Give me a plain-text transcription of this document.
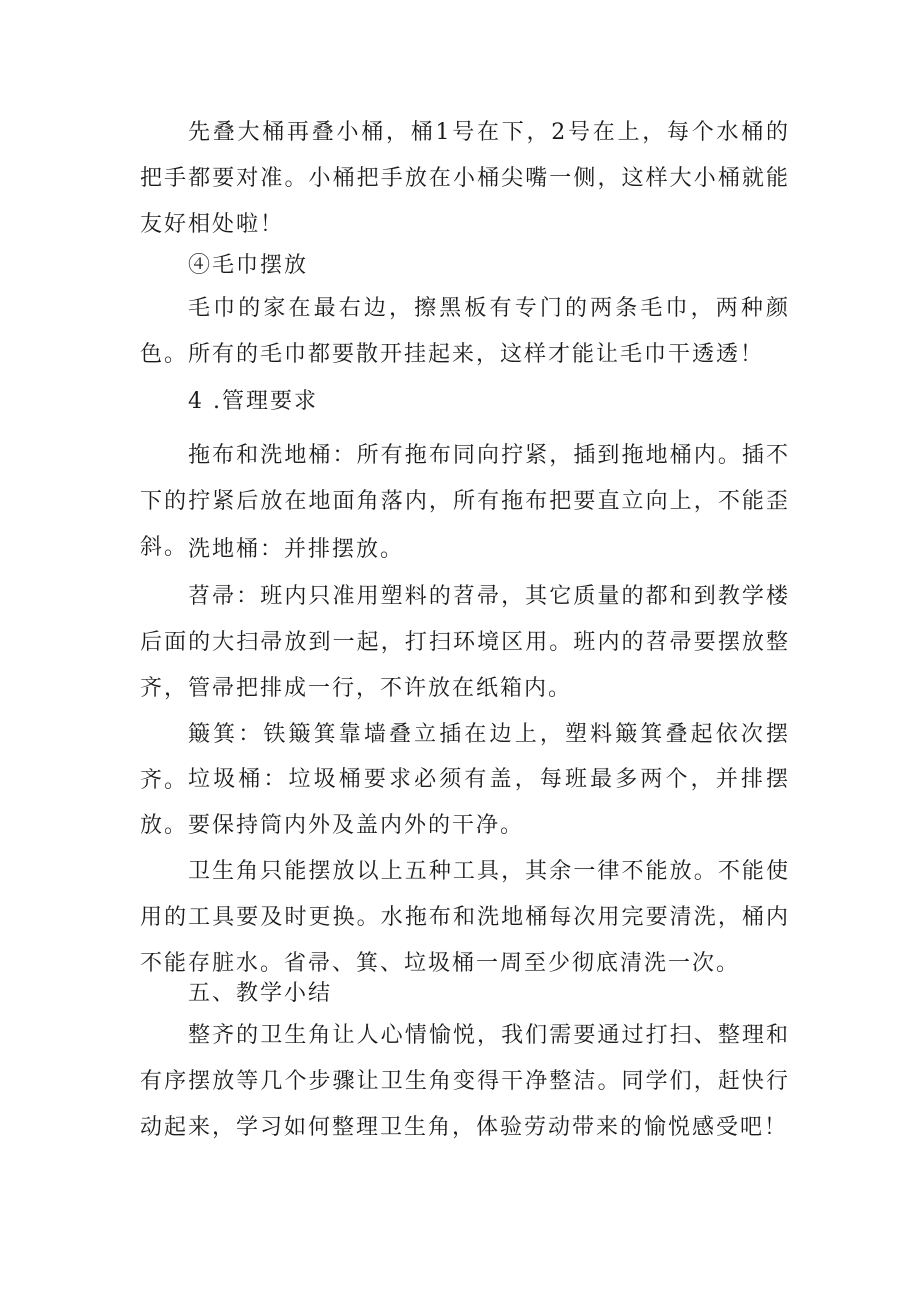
先叠大桶再叠小桶，桶1号在下，2号在上，每个水桶的把手都要对准。小桶把手放在小桶尖嘴一侧，这样大小桶就能友好相处啦！

④毛巾摆放

毛巾的家在最右边，擦黑板有专门的两条毛巾，两种颜色。所有的毛巾都要散开挂起来，这样才能让毛巾干透透！

4 .管理要求

拖布和洗地桶：所有拖布同向拧紧，插到拖地桶内。插不下的拧紧后放在地面角落内，所有拖布把要直立向上，不能歪斜。 洗地桶：并排摆放。

苕帚：班内只准用塑料的苕帚，其它质量的都和到教学楼后面的大扫帚放到一起，打扫环境区用。班内的苕帚要摆放整齐，管帚把排成一行，不许放在纸箱内。

簸箕：铁簸箕靠墙叠立插在边上，塑料簸箕叠起依次摆齐。 垃圾桶：垃圾桶要求必须有盖，每班最多两个，并排摆放。要保持筒内外及盖内外的干净。

卫生角只能摆放以上五种工具，其余一律不能放。不能使用的工具要及时更换。水拖布和洗地桶每次用完要清洗，桶内不能存脏水。省帚、箕、垃圾桶一周至少彻底清洗一次。

五、教学小结

整齐的卫生角让人心情愉悦，我们需要通过打扫、整理和有序摆放等几个步骤让卫生角变得干净整洁。同学们，赶快行动起来，学习如何整理卫生角，体验劳动带来的愉悦感受吧！
